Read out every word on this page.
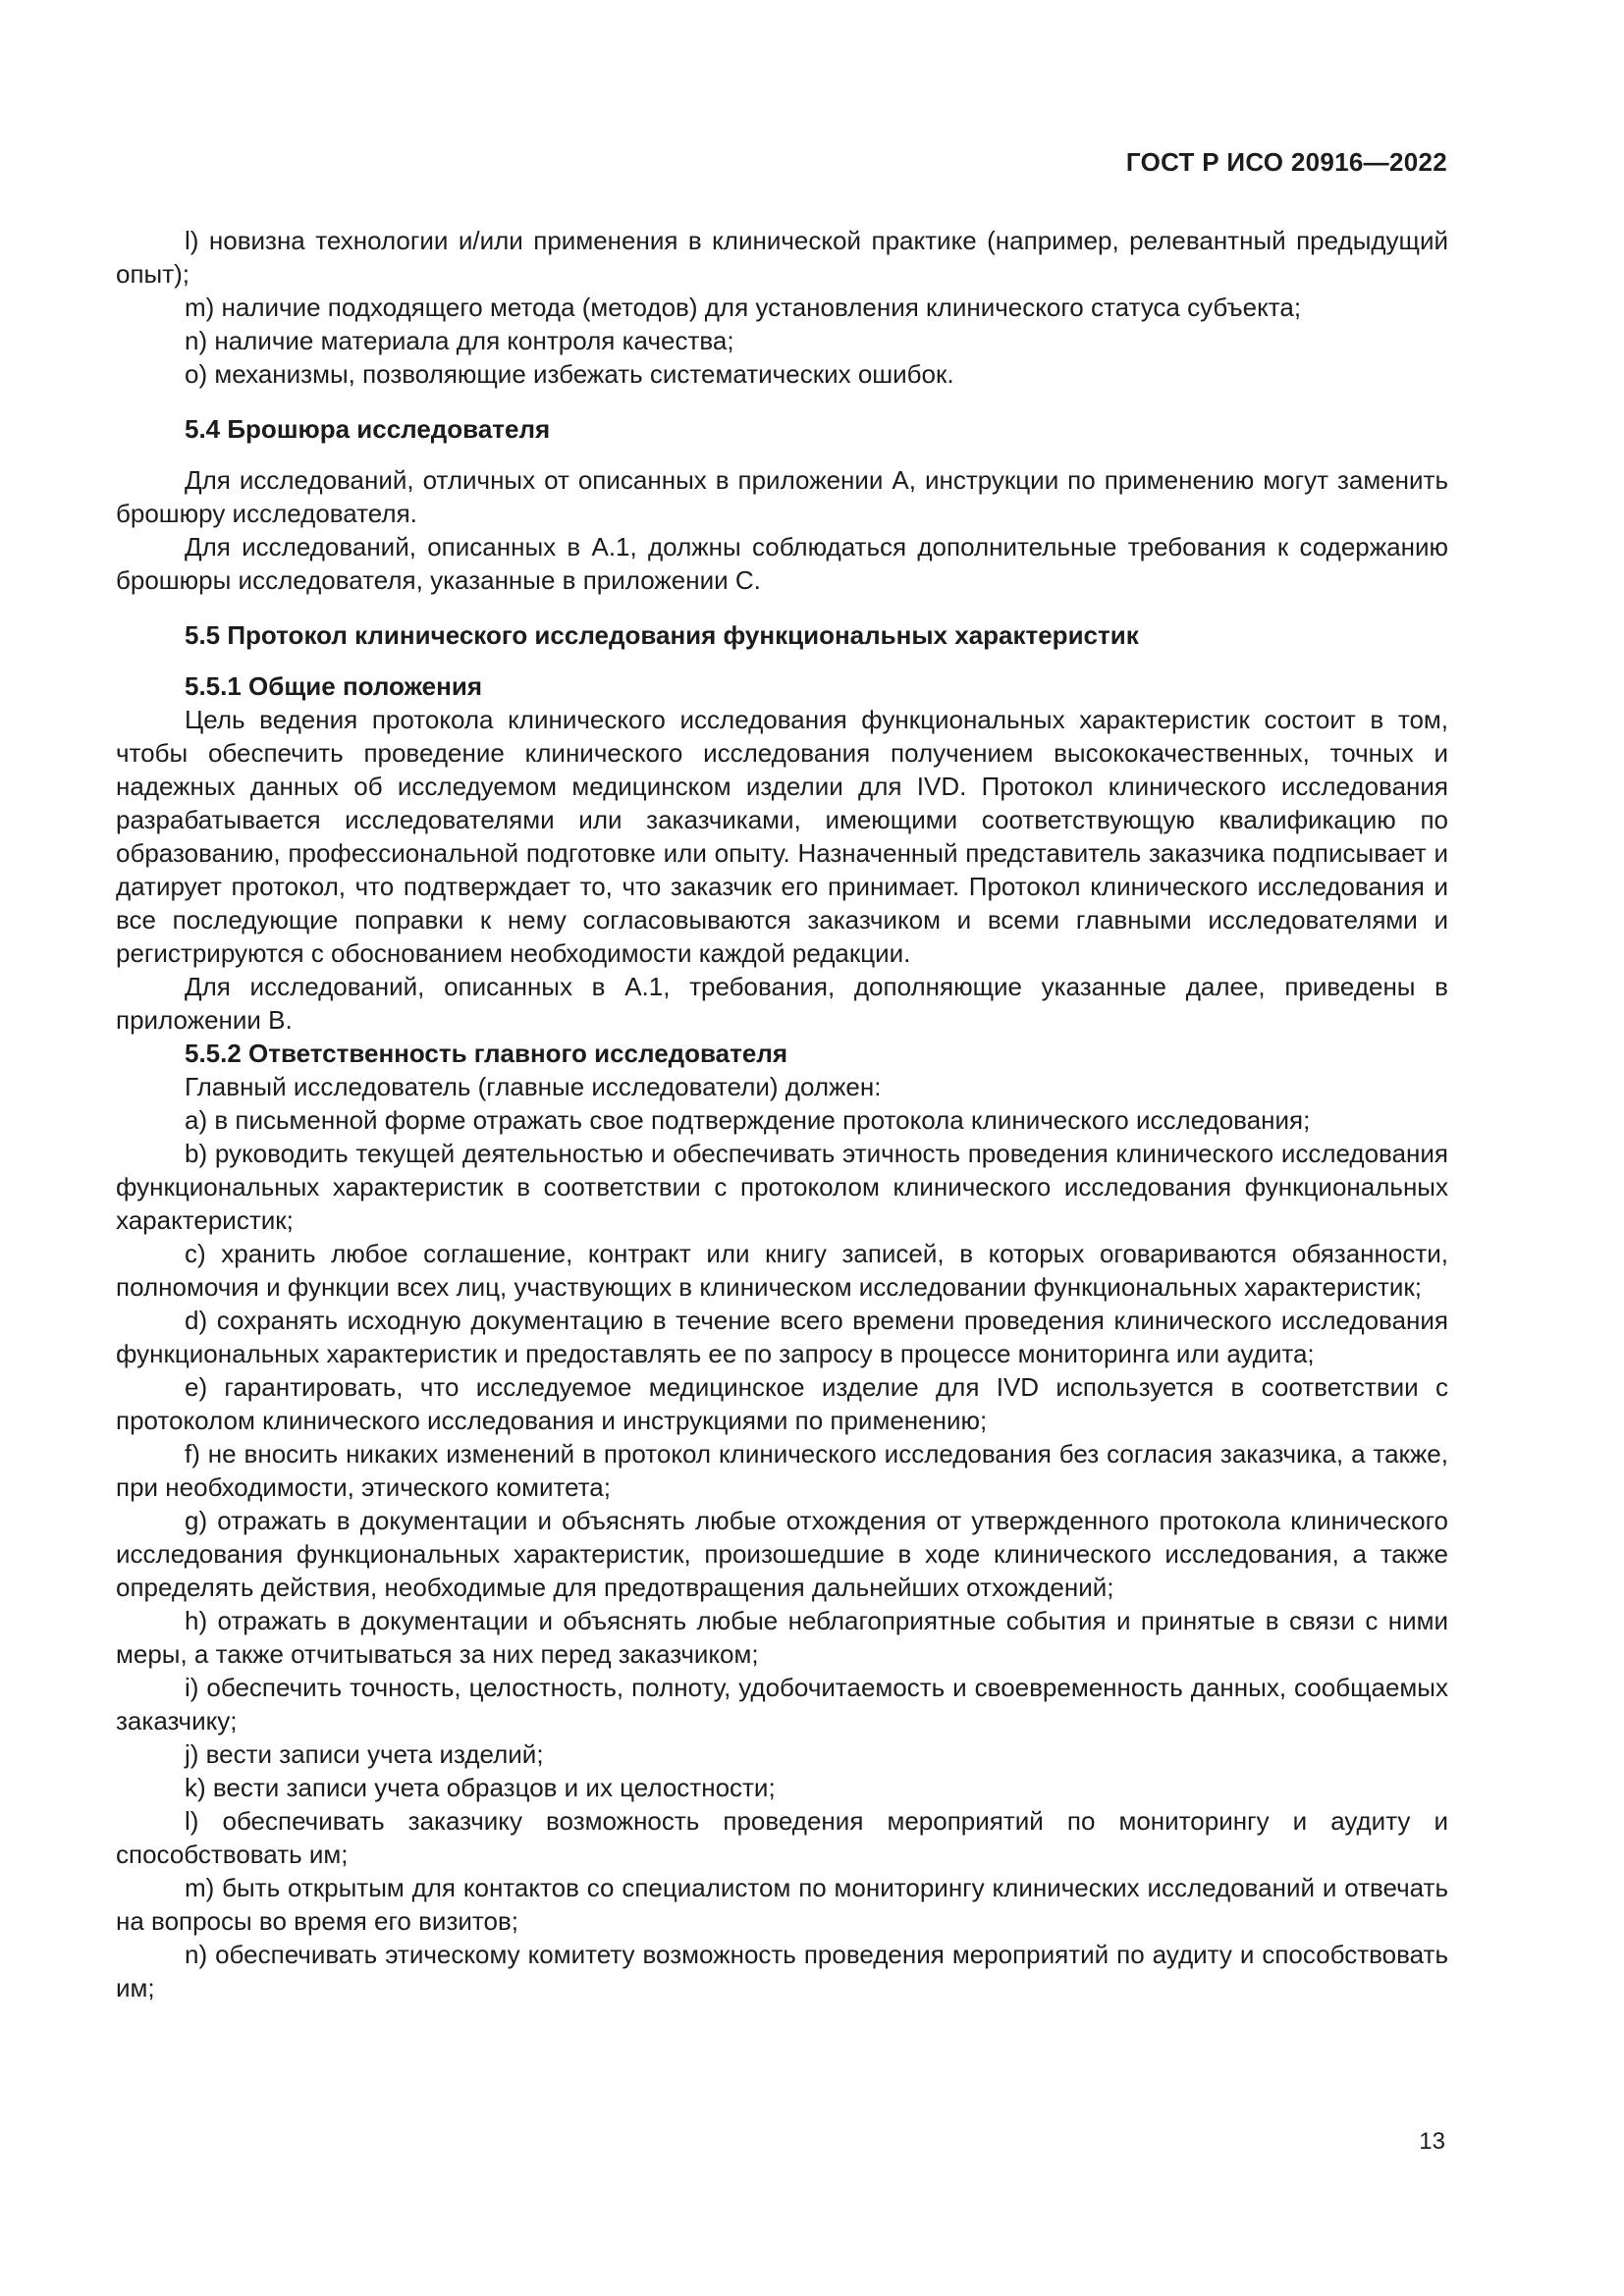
ГОСТ Р ИСО 20916—2022

l) новизна технологии и/или применения в клинической практике (например, релевантный предыдущий опыт);

m) наличие подходящего метода (методов) для установления клинического статуса субъекта;

n) наличие материала для контроля качества;

o) механизмы, позволяющие избежать систематических ошибок.

5.4 Брошюра исследователя

Для исследований, отличных от описанных в приложении А, инструкции по применению могут заменить брошюру исследователя.

Для исследований, описанных в А.1, должны соблюдаться дополнительные требования к содержанию брошюры исследователя, указанные в приложении С.

5.5 Протокол клинического исследования функциональных характеристик

5.5.1 Общие положения

Цель ведения протокола клинического исследования функциональных характеристик состоит в том, чтобы обеспечить проведение клинического исследования получением высококачественных, точных и надежных данных об исследуемом медицинском изделии для IVD. Протокол клинического исследования разрабатывается исследователями или заказчиками, имеющими соответствующую квалификацию по образованию, профессиональной подготовке или опыту. Назначенный представитель заказчика подписывает и датирует протокол, что подтверждает то, что заказчик его принимает. Протокол клинического исследования и все последующие поправки к нему согласовываются заказчиком и всеми главными исследователями и регистрируются с обоснованием необходимости каждой редакции.

Для исследований, описанных в А.1, требования, дополняющие указанные далее, приведены в приложении В.

5.5.2 Ответственность главного исследователя

Главный исследователь (главные исследователи) должен:

a) в письменной форме отражать свое подтверждение протокола клинического исследования;

b) руководить текущей деятельностью и обеспечивать этичность проведения клинического исследования функциональных характеристик в соответствии с протоколом клинического исследования функциональных характеристик;

c) хранить любое соглашение, контракт или книгу записей, в которых оговариваются обязанности, полномочия и функции всех лиц, участвующих в клиническом исследовании функциональных характеристик;

d) сохранять исходную документацию в течение всего времени проведения клинического исследования функциональных характеристик и предоставлять ее по запросу в процессе мониторинга или аудита;

e) гарантировать, что исследуемое медицинское изделие для IVD используется в соответствии с протоколом клинического исследования и инструкциями по применению;

f) не вносить никаких изменений в протокол клинического исследования без согласия заказчика, а также, при необходимости, этического комитета;

g) отражать в документации и объяснять любые отхождения от утвержденного протокола клинического исследования функциональных характеристик, произошедшие в ходе клинического исследования, а также определять действия, необходимые для предотвращения дальнейших отхождений;

h) отражать в документации и объяснять любые неблагоприятные события и принятые в связи с ними меры, а также отчитываться за них перед заказчиком;

i) обеспечить точность, целостность, полноту, удобочитаемость и своевременность данных, сообщаемых заказчику;

j) вести записи учета изделий;

k) вести записи учета образцов и их целостности;

l) обеспечивать заказчику возможность проведения мероприятий по мониторингу и аудиту и способствовать им;

m) быть открытым для контактов со специалистом по мониторингу клинических исследований и отвечать на вопросы во время его визитов;

n) обеспечивать этическому комитету возможность проведения мероприятий по аудиту и способствовать им;

13
